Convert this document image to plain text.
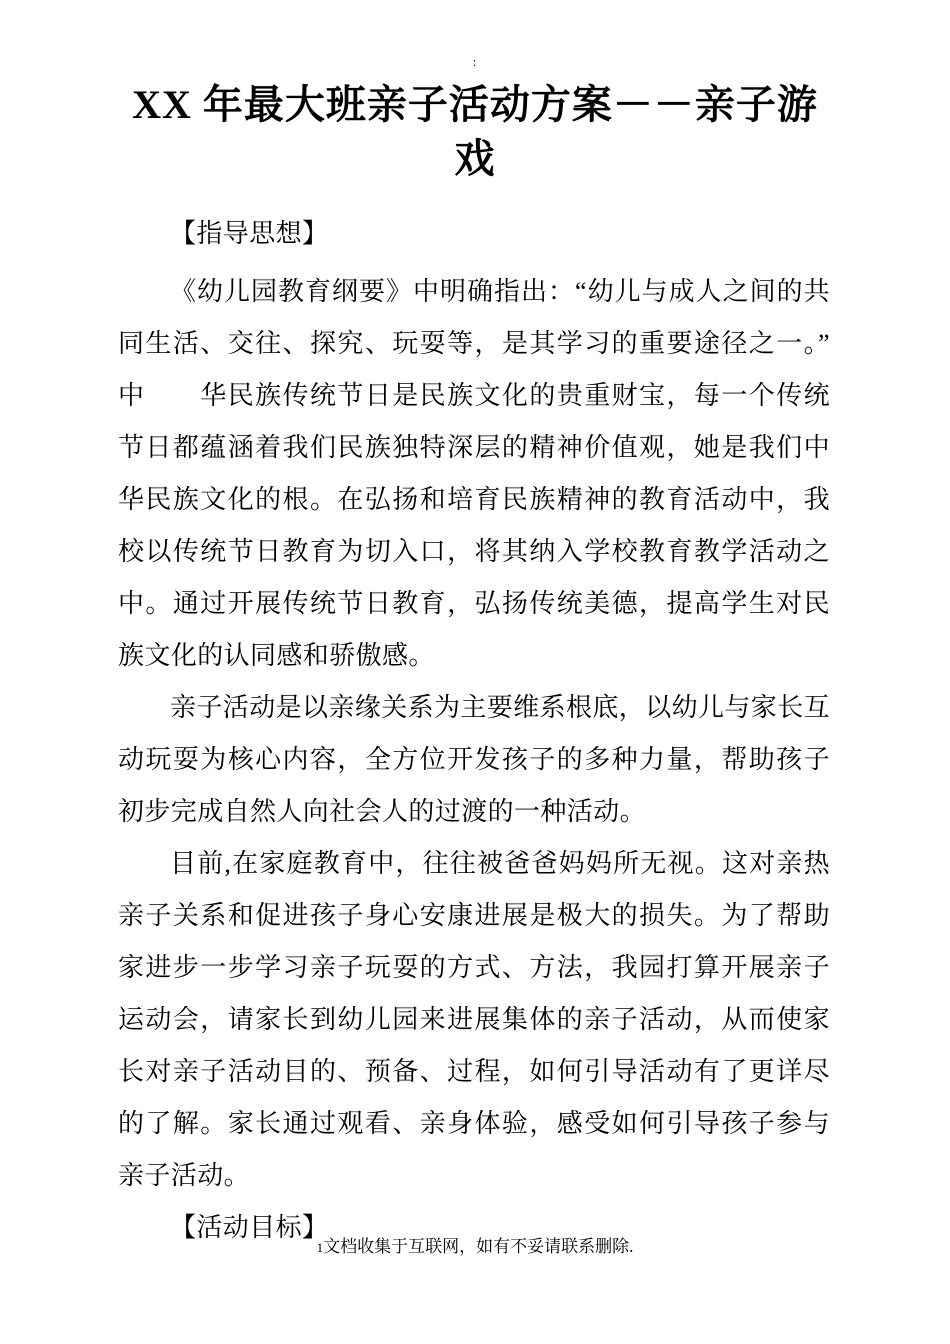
:
XX 年最大班亲子活动方案－－亲子游戏

【指导思想】

《幼儿园教育纲要》中明确指出：“幼儿与成人之间的共同生活、交往、探究、玩耍等，是其学习的重要途径之一。” 中　　华民族传统节日是民族文化的贵重财宝，每一个传统节日都蕴涵着我们民族独特深层的精神价值观，她是我们中华民族文化的根。在弘扬和培育民族精神的教育活动中，我校以传统节日教育为切入口，将其纳入学校教育教学活动之中。通过开展传统节日教育，弘扬传统美德，提高学生对民族文化的认同感和骄傲感。

亲子活动是以亲缘关系为主要维系根底，以幼儿与家长互动玩耍为核心内容，全方位开发孩子的多种力量，帮助孩子初步完成自然人向社会人的过渡的一种活动。

目前,在家庭教育中，往往被爸爸妈妈所无视。这对亲热亲子关系和促进孩子身心安康进展是极大的损失。为了帮助家进步一步学习亲子玩耍的方式、方法，我园打算开展亲子运动会，请家长到幼儿园来进展集体的亲子活动，从而使家长对亲子活动目的、预备、过程，如何引导活动有了更详尽的了解。家长通过观看、亲身体验，感受如何引导孩子参与亲子活动。

【活动目标】

1文档收集于互联网，如有不妥请联系删除.
